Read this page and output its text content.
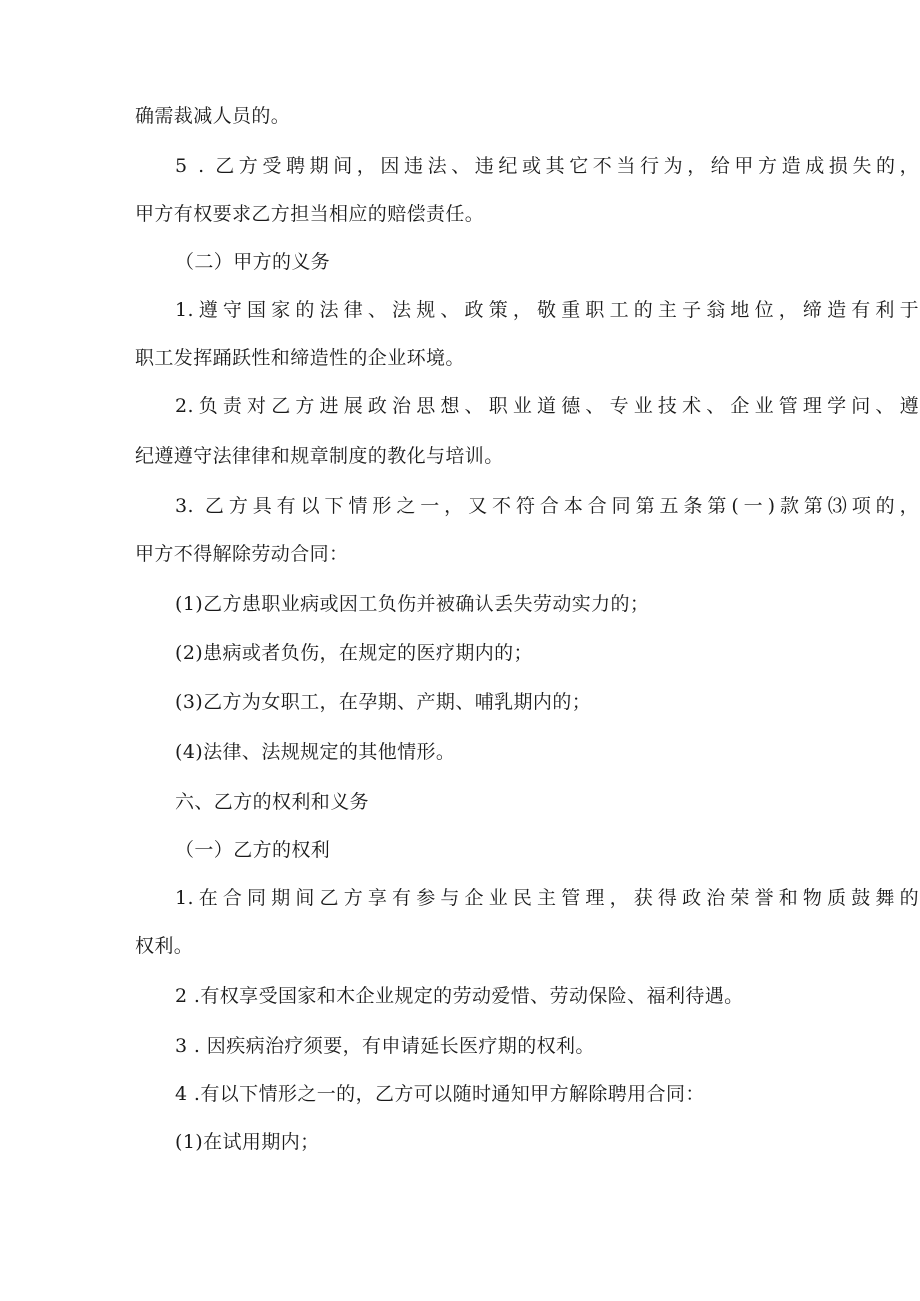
确需裁减人员的。
5 . 乙方受聘期间，因违法、违纪或其它不当行为，给甲方造成损失的，
甲方有权要求乙方担当相应的赔偿责任。
（二）甲方的义务
1.遵守国家的法律、法规、政策，敬重职工的主子翁地位，缔造有利于
职工发挥踊跃性和缔造性的企业环境。
2.负责对乙方进展政治思想、职业道德、专业技术、企业管理学问、遵
纪遵遵守法律律和规章制度的教化与培训。
3. 乙方具有以下情形之一，又不符合本合同第五条第(一)款第⑶项的，
甲方不得解除劳动合同：
(1)乙方患职业病或因工负伤并被确认丢失劳动实力的；
(2)患病或者负伤，在规定的医疗期内的；
(3)乙方为女职工，在孕期、产期、哺乳期内的；
(4)法律、法规规定的其他情形。
六、乙方的权利和义务
（一）乙方的权利
1.在合同期间乙方享有参与企业民主管理，获得政治荣誉和物质鼓舞的
权利。
2 .有权享受国家和木企业规定的劳动爱惜、劳动保险、福利待遇。
3 . 因疾病治疗须要，有申请延长医疗期的权利。
4 .有以下情形之一的，乙方可以随时通知甲方解除聘用合同：
(1)在试用期内；
